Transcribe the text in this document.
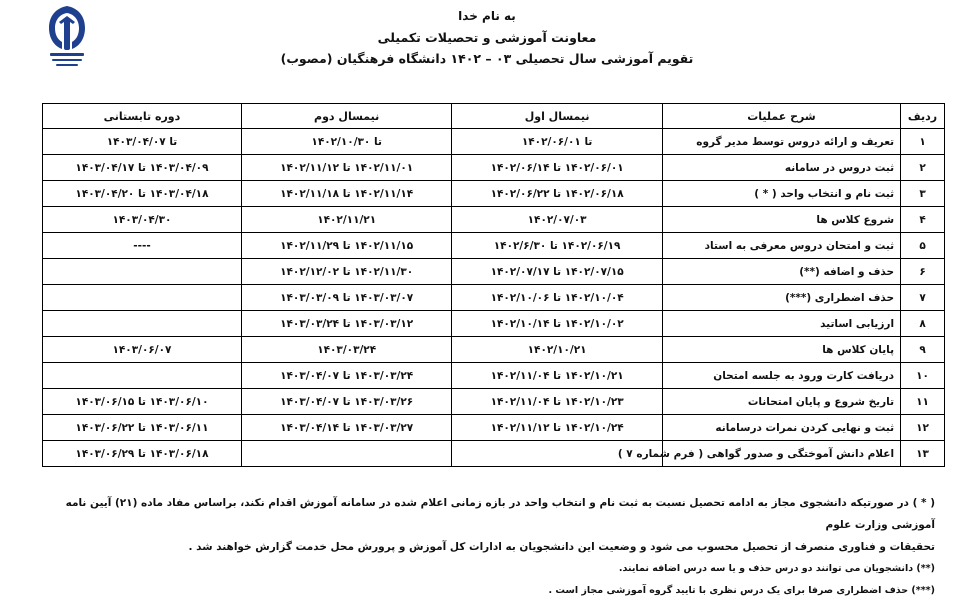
به نام خدا
معاونت آموزشی و تحصیلات تکمیلی
تقویم آموزشی سال تحصیلی ۰۳ – ۱۴۰۲ دانشگاه فرهنگیان (مصوب)
ردیف	شرح عملیات	نیمسال اول	نیمسال دوم	دوره تابستانی
۱	تعریف و ارائه دروس توسط مدیر گروه	تا ۱۴۰۲/۰۶/۰۱	تا ۱۴۰۲/۱۰/۳۰	تا ۱۴۰۳/۰۴/۰۷
۲	ثبت دروس در سامانه	۱۴۰۲/۰۶/۰۱ تا ۱۴۰۲/۰۶/۱۴	۱۴۰۲/۱۱/۰۱ تا ۱۴۰۲/۱۱/۱۲	۱۴۰۳/۰۴/۰۹ تا ۱۴۰۳/۰۴/۱۷
۳	ثبت نام و انتخاب واحد ( * )	۱۴۰۲/۰۶/۱۸ تا ۱۴۰۲/۰۶/۲۲	۱۴۰۲/۱۱/۱۴ تا ۱۴۰۲/۱۱/۱۸	۱۴۰۳/۰۴/۱۸ تا ۱۴۰۳/۰۴/۲۰
۴	شروع کلاس ها	۱۴۰۲/۰۷/۰۳	۱۴۰۲/۱۱/۲۱	۱۴۰۳/۰۴/۳۰
۵	ثبت و امتحان دروس معرفی به استاد	۱۴۰۲/۰۶/۱۹ تا ۱۴۰۲/۶/۳۰	۱۴۰۲/۱۱/۱۵ تا ۱۴۰۲/۱۱/۲۹	----
۶	حذف و اضافه (**)	۱۴۰۲/۰۷/۱۵ تا ۱۴۰۲/۰۷/۱۷	۱۴۰۲/۱۱/۳۰ تا ۱۴۰۲/۱۲/۰۲	
۷	حذف اضطراری (***)	۱۴۰۲/۱۰/۰۴ تا ۱۴۰۲/۱۰/۰۶	۱۴۰۳/۰۳/۰۷ تا ۱۴۰۳/۰۳/۰۹	
۸	ارزیابی اساتید	۱۴۰۲/۱۰/۰۲ تا ۱۴۰۲/۱۰/۱۴	۱۴۰۳/۰۳/۱۲ تا ۱۴۰۳/۰۳/۲۴	
۹	پایان کلاس ها	۱۴۰۲/۱۰/۲۱	۱۴۰۳/۰۳/۲۴	۱۴۰۳/۰۶/۰۷
۱۰	دریافت کارت ورود به جلسه امتحان	۱۴۰۲/۱۰/۲۱ تا ۱۴۰۲/۱۱/۰۴	۱۴۰۳/۰۳/۲۴ تا ۱۴۰۳/۰۴/۰۷	
۱۱	تاریخ شروع و پایان امتحانات	۱۴۰۲/۱۰/۲۳ تا ۱۴۰۲/۱۱/۰۴	۱۴۰۳/۰۳/۲۶ تا ۱۴۰۳/۰۴/۰۷	۱۴۰۳/۰۶/۱۰ تا ۱۴۰۳/۰۶/۱۵
۱۲	ثبت و نهایی کردن نمرات درسامانه	۱۴۰۲/۱۰/۲۴ تا ۱۴۰۲/۱۱/۱۲	۱۴۰۳/۰۳/۲۷ تا ۱۴۰۳/۰۴/۱۴	۱۴۰۳/۰۶/۱۱ تا ۱۴۰۳/۰۶/۲۲
۱۳	اعلام دانش آموختگی و صدور گواهی ( فرم شماره ۷ )			۱۴۰۳/۰۶/۱۸ تا ۱۴۰۳/۰۶/۲۹

( * ) در صورتیکه دانشجوی مجاز به ادامه تحصیل نسبت به ثبت نام و انتخاب واحد در بازه زمانی اعلام شده در سامانه آموزش اقدام نکند، براساس مفاد ماده (۲۱) آیین نامه آموزشی وزارت علوم

تحقیقات و فناوری منصرف از تحصیل محسوب می شود و وضعیت این دانشجویان به ادارات کل آموزش و پرورش محل خدمت گزارش خواهند شد .

(**) دانشجویان می توانند دو درس حذف و یا سه درس اضافه نمایند.

(***) حذف اضطراری صرفا برای یک درس نظری با تایید گروه آموزشی مجاز است .
